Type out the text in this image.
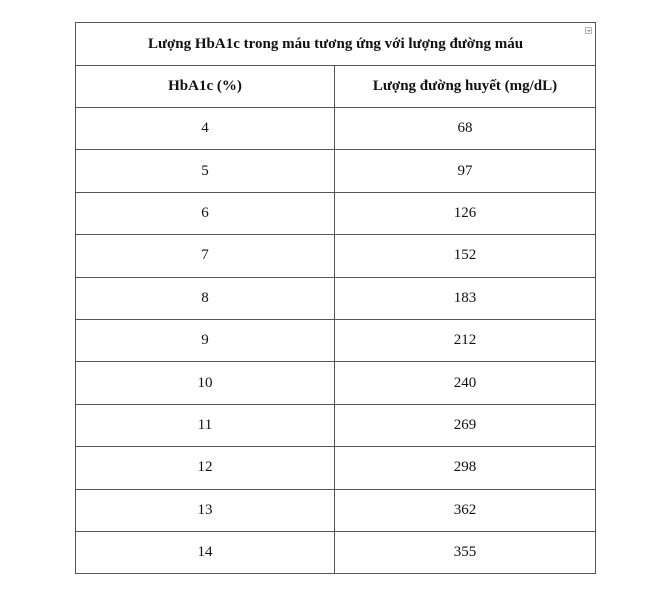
Lượng HbA1c trong máu tương ứng với lượng đường máu	

HbA1c (%)	Lượng đường huyết (mg/dL)
4	68
5	97
6	126
7	152
8	183
9	212
10	240
11	269
12	298
13	362
14	355
